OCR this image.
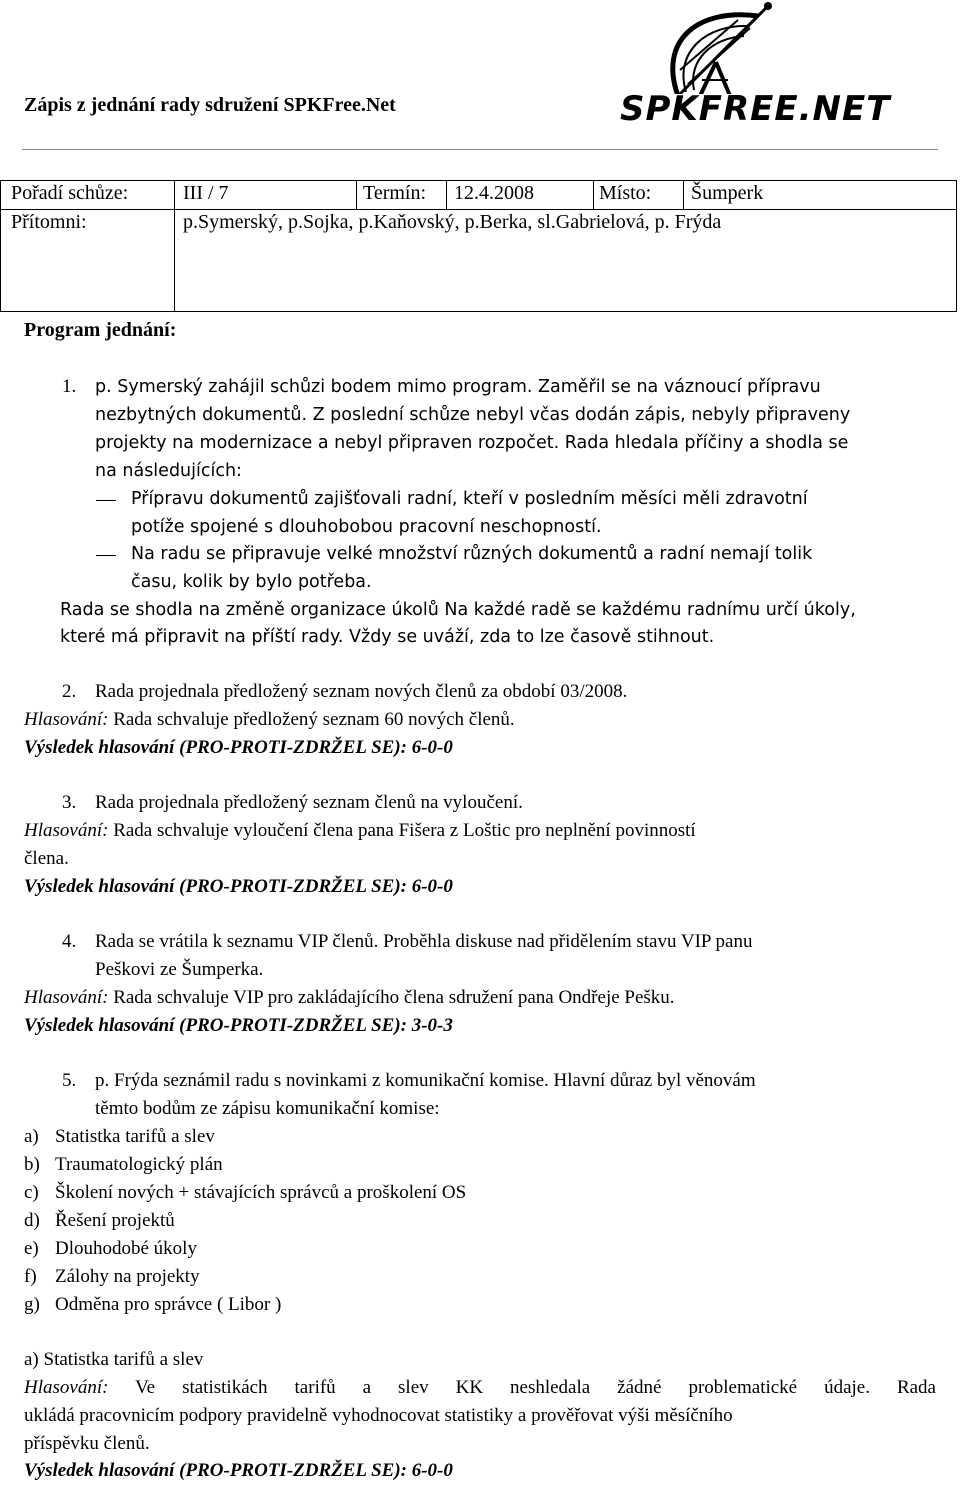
Zápis z jednání rady sdružení SPKFree.Net	SPKFREE.NET
Pořadí schůze:	III / 7	Termín: 12.4.2008	Místo: Šumperk
Přítomni:	p.Symerský, p.Sojka, p.Kaňovský, p.Berka, sl.Gabrielová, p. Frýda
Program jednání:
1. p. Symerský zahájil schůzi bodem mimo program. Zaměřil se na váznoucí přípravu
nezbytných dokumentů. Z poslední schůze nebyl včas dodán zápis, nebyly připraveny
projekty na modernizace a nebyl připraven rozpočet. Rada hledala příčiny a shodla se
na následujících:
Přípravu dokumentů zajišťovali radní, kteří v posledním měsíci měli zdravotní
potíže spojené s dlouhobobou pracovní neschopností.
Na radu se připravuje velké množství různých dokumentů a radní nemají tolik
času, kolik by bylo potřeba.
Rada se shodla na změně organizace úkolů Na každé radě se každému radnímu určí úkoly,
které má připravit na příští rady. Vždy se uváží, zda to lze časově stihnout.
2. Rada projednala předložený seznam nových členů za období 03/2008.
Hlasování: Rada schvaluje předložený seznam 60 nových členů.
Výsledek hlasování (PRO-PROTI-ZDRŽEL SE): 6-0-0
3. Rada projednala předložený seznam členů na vyloučení.
Hlasování: Rada schvaluje vyloučení člena pana Fišera z Loštic pro neplnění povinností
člena.
Výsledek hlasování (PRO-PROTI-ZDRŽEL SE): 6-0-0
4. Rada se vrátila k seznamu VIP členů. Proběhla diskuse nad přidělením stavu VIP panu
Peškovi ze Šumperka.
Hlasování: Rada schvaluje VIP pro zakládajícího člena sdružení pana Ondřeje Pešku.
Výsledek hlasování (PRO-PROTI-ZDRŽEL SE): 3-0-3
5. p. Frýda seznámil radu s novinkami z komunikační komise. Hlavní důraz byl věnovám
těmto bodům ze zápisu komunikační komise:
a) Statistka tarifů a slev
b) Traumatologický plán
c) Školení nových + stávajících správců a proškolení OS
d) Řešení projektů
e) Dlouhodobé úkoly
f) Zálohy na projekty
g) Odměna pro správce ( Libor )
a) Statistka tarifů a slev
Hlasování: Ve statistikách tarifů a slev KK neshledala žádné problematické údaje. Rada
ukládá pracovnicím podpory pravidelně vyhodnocovat statistiky a prověřovat výši měsíčního
příspěvku členů.
Výsledek hlasování (PRO-PROTI-ZDRŽEL SE): 6-0-0
